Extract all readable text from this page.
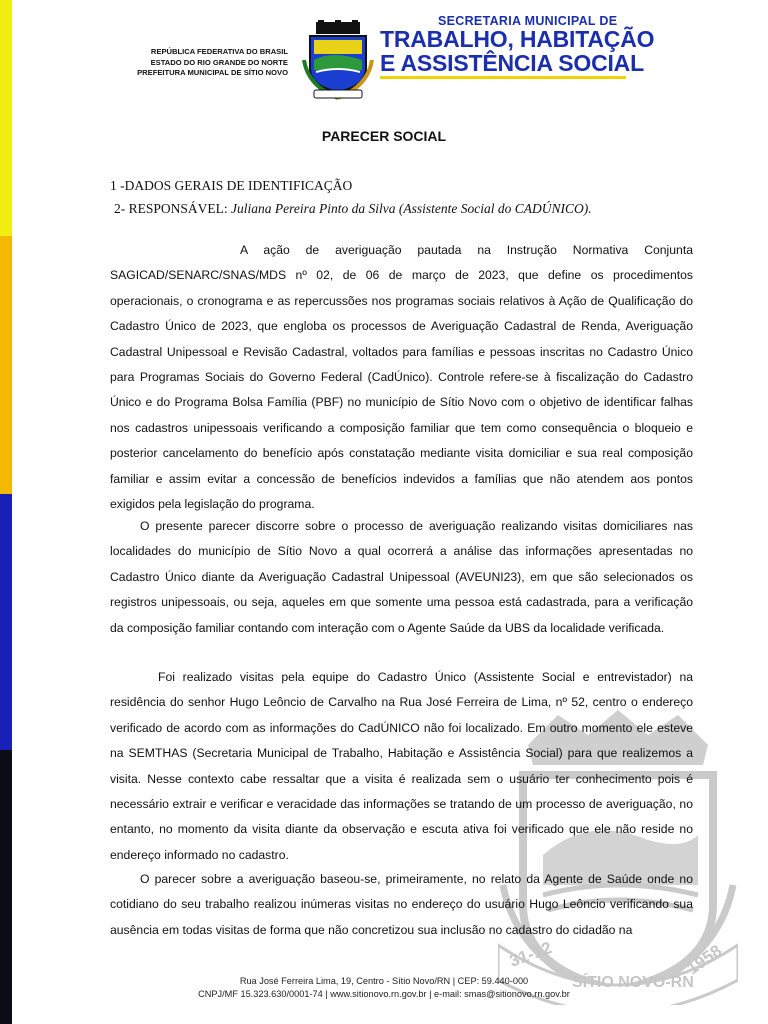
31-12
SÍTIO NOVO-RN
1958
REPÚBLICA FEDERATIVA DO BRASIL
ESTADO DO RIO GRANDE DO NORTE
PREFEITURA MUNICIPAL DE SÍTIO NOVO
SECRETARIA MUNICIPAL DE
TRABALHO, HABITAÇÃO
E ASSISTÊNCIA SOCIAL
PARECER SOCIAL
1 -DADOS GERAIS DE IDENTIFICAÇÃO
2- RESPONSÁVEL: Juliana Pereira Pinto da Silva (Assistente Social do CADÚNICO).

A ação de averiguação pautada na Instrução Normativa Conjunta SAGICAD/SENARC/SNAS/MDS nº 02, de 06 de março de 2023, que define os procedimentos operacionais, o cronograma e as repercussões nos programas sociais relativos à Ação de Qualificação do Cadastro Único de 2023, que engloba os processos de Averiguação Cadastral de Renda, Averiguação Cadastral Unipessoal e Revisão Cadastral, voltados para famílias e pessoas inscritas no Cadastro Único para Programas Sociais do Governo Federal (CadÚnico). Controle refere-se à fiscalização do Cadastro Único e do Programa Bolsa Família (PBF) no município de Sítio Novo com o objetivo de identificar falhas nos cadastros unipessoais verificando a composição familiar que tem como consequência o bloqueio e posterior cancelamento do benefício após constatação mediante visita domiciliar e sua real composição familiar e assim evitar a concessão de benefícios indevidos a famílias que não atendem aos pontos exigidos pela legislação do programa.

O presente parecer discorre sobre o processo de averiguação realizando visitas domiciliares nas localidades do município de Sítio Novo a qual ocorrerá a análise das informações apresentadas no Cadastro Único diante da Averiguação Cadastral Unipessoal (AVEUNI23), em que são selecionados os registros unipessoais, ou seja, aqueles em que somente uma pessoa está cadastrada, para a verificação da composição familiar contando com interação com o Agente Saúde da UBS da localidade verificada.

Foi realizado visitas pela equipe do Cadastro Único (Assistente Social e entrevistador) na residência do senhor Hugo Leôncio de Carvalho na Rua José Ferreira de Lima, nº 52, centro o endereço verificado de acordo com as informações do CadÚNICO não foi localizado. Em outro momento ele esteve na SEMTHAS (Secretaria Municipal de Trabalho, Habitação e Assistência Social) para que realizemos a visita. Nesse contexto cabe ressaltar que a visita é realizada sem o usuário ter conhecimento pois é necessário extrair e verificar e veracidade das informações se tratando de um processo de averiguação, no entanto, no momento da visita diante da observação e escuta ativa foi verificado que ele não reside no endereço informado no cadastro.

O parecer sobre a averiguação baseou-se, primeiramente, no relato da Agente de Saúde onde no cotidiano do seu trabalho realizou inúmeras visitas no endereço do usuário Hugo Leôncio verificando sua ausência em todas visitas de forma que não concretizou sua inclusão no cadastro do cidadão na

Rua José Ferreira Lima, 19, Centro - Sítio Novo/RN | CEP: 59.440-000
CNPJ/MF 15.323.630/0001-74 | www.sitionovo.rn.gov.br | e-mail: smas@sitionovo.rn.gov.br
